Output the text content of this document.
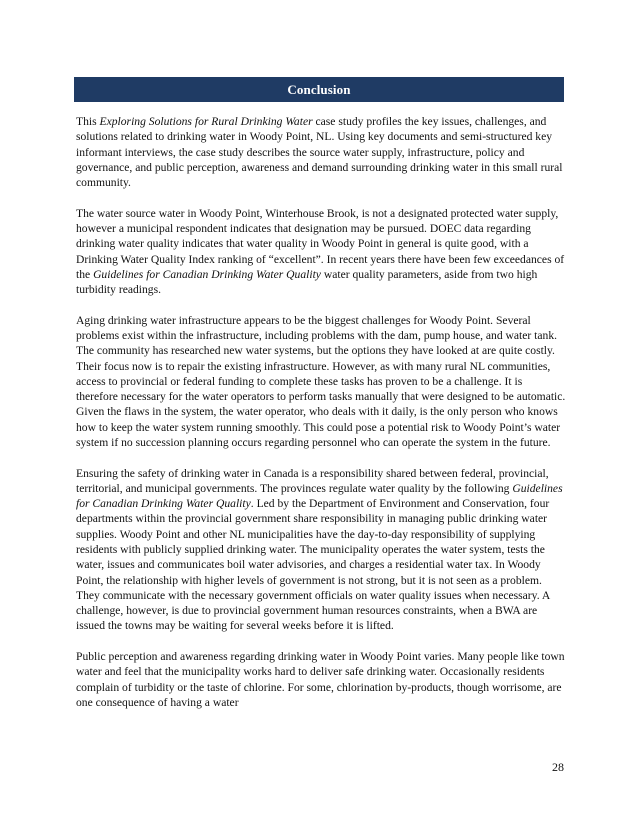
Conclusion

This Exploring Solutions for Rural Drinking Water case study profiles the key issues, challenges, and solutions related to drinking water in Woody Point, NL. Using key documents and semi-structured key informant interviews, the case study describes the source water supply, infrastructure, policy and governance, and public perception, awareness and demand surrounding drinking water in this small rural community.

The water source water in Woody Point, Winterhouse Brook, is not a designated protected water supply, however a municipal respondent indicates that designation may be pursued. DOEC data regarding drinking water quality indicates that water quality in Woody Point in general is quite good, with a Drinking Water Quality Index ranking of “excellent”. In recent years there have been few exceedances of the Guidelines for Canadian Drinking Water Quality water quality parameters, aside from two high turbidity readings.

Aging drinking water infrastructure appears to be the biggest challenges for Woody Point. Several problems exist within the infrastructure, including problems with the dam, pump house, and water tank. The community has researched new water systems, but the options they have looked at are quite costly. Their focus now is to repair the existing infrastructure. However, as with many rural NL communities, access to provincial or federal funding to complete these tasks has proven to be a challenge. It is therefore necessary for the water operators to perform tasks manually that were designed to be automatic. Given the flaws in the system, the water operator, who deals with it daily, is the only person who knows how to keep the water system running smoothly. This could pose a potential risk to Woody Point’s water system if no succession planning occurs regarding personnel who can operate the system in the future.

Ensuring the safety of drinking water in Canada is a responsibility shared between federal, provincial, territorial, and municipal governments. The provinces regulate water quality by the following Guidelines for Canadian Drinking Water Quality. Led by the Department of Environment and Conservation, four departments within the provincial government share responsibility in managing public drinking water supplies. Woody Point and other NL municipalities have the day-to-day responsibility of supplying residents with publicly supplied drinking water. The municipality operates the water system, tests the water, issues and communicates boil water advisories, and charges a residential water tax. In Woody Point, the relationship with higher levels of government is not strong, but it is not seen as a problem. They communicate with the necessary government officials on water quality issues when necessary. A challenge, however, is due to provincial government human resources constraints, when a BWA are issued the towns may be waiting for several weeks before it is lifted.

Public perception and awareness regarding drinking water in Woody Point varies. Many people like town water and feel that the municipality works hard to deliver safe drinking water. Occasionally residents complain of turbidity or the taste of chlorine. For some, chlorination by-products, though worrisome, are one consequence of having a water

28
